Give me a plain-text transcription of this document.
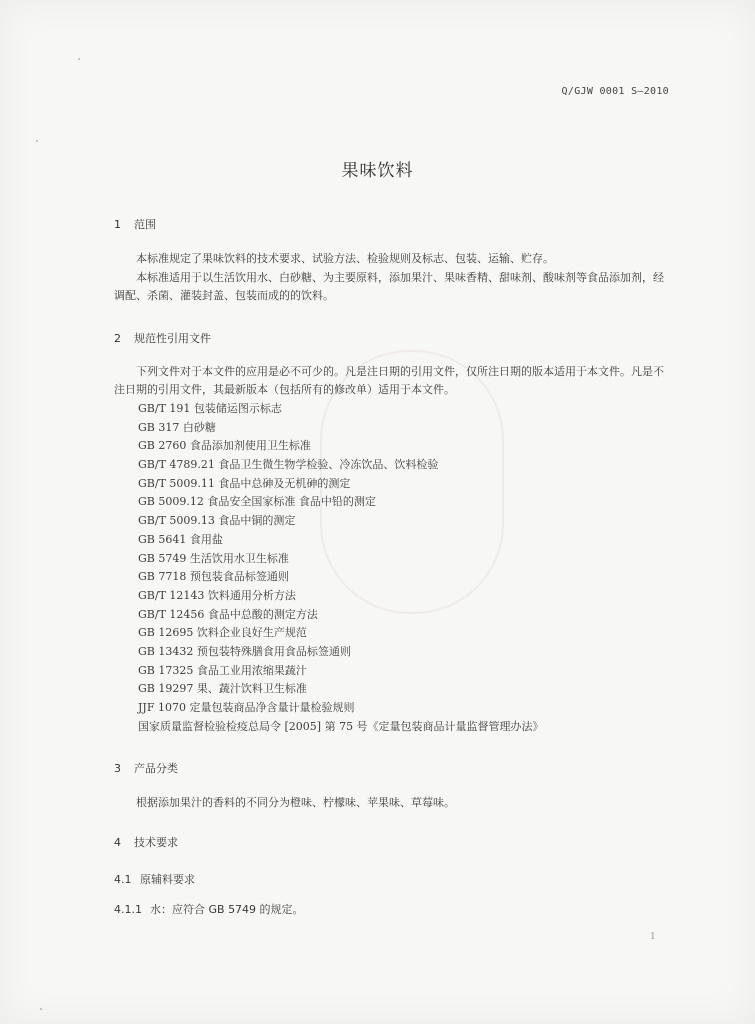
Q/GJW 0001 S—2010
果味饮料
1 范围

本标准规定了果味饮料的技术要求、试验方法、检验规则及标志、包装、运输、贮存。

本标准适用于以生活饮用水、白砂糖、为主要原料，添加果汁、果味香精、甜味剂、酸味剂等食品添加剂，经调配、杀菌、灌装封盖、包装而成的的饮料。

2 规范性引用文件

下列文件对于本文件的应用是必不可少的。凡是注日期的引用文件，仅所注日期的版本适用于本文件。凡是不注日期的引用文件，其最新版本（包括所有的修改单）适用于本文件。

GB/T 191 包装储运图示标志
GB 317 白砂糖
GB 2760 食品添加剂使用卫生标准
GB/T 4789.21 食品卫生微生物学检验、冷冻饮品、饮料检验
GB/T 5009.11 食品中总砷及无机砷的测定
GB 5009.12 食品安全国家标准 食品中铅的测定
GB/T 5009.13 食品中铜的测定
GB 5641 食用盐
GB 5749 生活饮用水卫生标准
GB 7718 预包装食品标签通则
GB/T 12143 饮料通用分析方法
GB/T 12456 食品中总酸的测定方法
GB 12695 饮料企业良好生产规范
GB 13432 预包装特殊膳食用食品标签通则
GB 17325 食品工业用浓缩果蔬汁
GB 19297 果、蔬汁饮料卫生标准
JJF 1070 定量包装商品净含量计量检验规则
国家质量监督检验检疫总局令 [2005] 第 75 号《定量包装商品计量监督管理办法》
3 产品分类

根据添加果汁的香料的不同分为橙味、柠檬味、苹果味、草莓味。

4 技术要求
4.1 原辅料要求
4.1.1 水：应符合 GB 5749 的规定。
1
